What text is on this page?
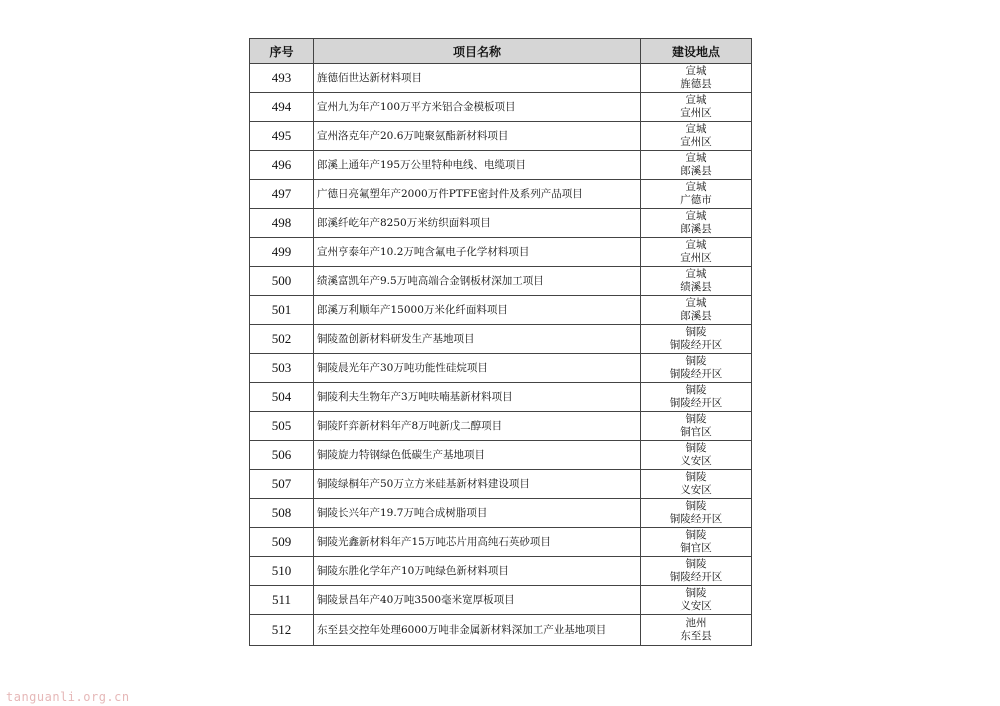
序号	项目名称	建设地点
493	旌德佰世达新材料项目	宣城
旌德县

494	宣州九为年产100万平方米铝合金模板项目	宣城
宣州区

495	宣州洛克年产20.6万吨聚氨酯新材料项目	宣城
宣州区

496	郎溪上通年产195万公里特种电线、电缆项目	宣城
郎溪县

497	广德日亮氟塑年产2000万件PTFE密封件及系列产品项目	宣城
广德市

498	郎溪纤屹年产8250万米纺织面料项目	宣城
郎溪县

499	宣州亨泰年产10.2万吨含氟电子化学材料项目	宣城
宣州区

500	绩溪富凯年产9.5万吨高端合金钢板材深加工项目	宣城
绩溪县

501	郎溪万利顺年产15000万米化纤面料项目	宣城
郎溪县

502	铜陵盈创新材料研发生产基地项目	铜陵
铜陵经开区

503	铜陵晨光年产30万吨功能性硅烷项目	铜陵
铜陵经开区

504	铜陵利夫生物年产3万吨呋喃基新材料项目	铜陵
铜陵经开区

505	铜陵阡弈新材料年产8万吨新戊二醇项目	铜陵
铜官区

506	铜陵旋力特钢绿色低碳生产基地项目	铜陵
义安区

507	铜陵绿桐年产50万立方米硅基新材料建设项目	铜陵
义安区

508	铜陵长兴年产19.7万吨合成树脂项目	铜陵
铜陵经开区

509	铜陵光鑫新材料年产15万吨芯片用高纯石英砂项目	铜陵
铜官区

510	铜陵东胜化学年产10万吨绿色新材料项目	铜陵
铜陵经开区

511	铜陵景昌年产40万吨3500毫米宽厚板项目	铜陵
义安区

512	东至县交控年处理6000万吨非金属新材料深加工产业基地项目	池州
东至县
tanguanli.org.cn
